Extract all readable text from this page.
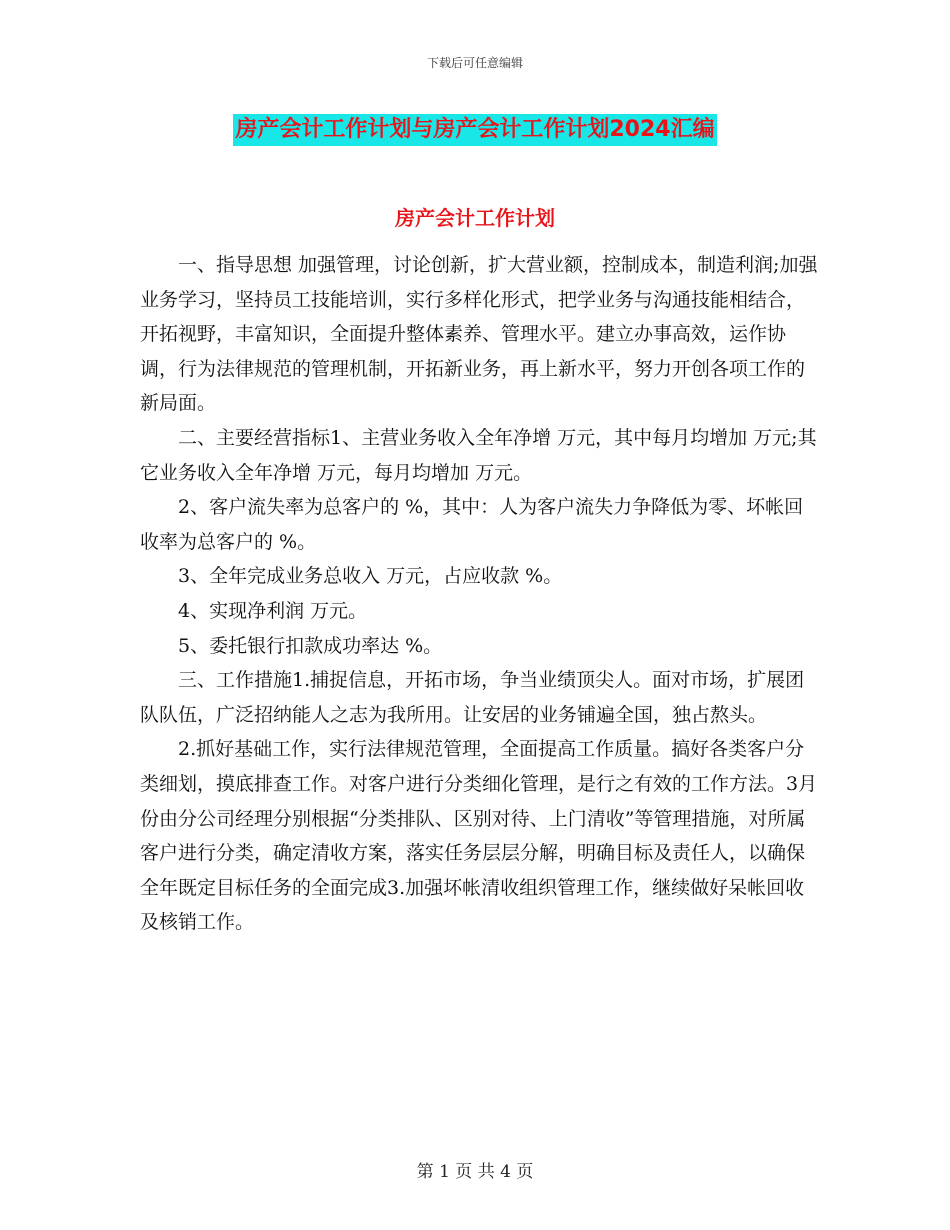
下载后可任意编辑
房产会计工作计划与房产会计工作计划2024汇编
房产会计工作计划

一、指导思想 加强管理，讨论创新，扩大营业额，控制成本，制造利润;加强业务学习，坚持员工技能培训，实行多样化形式，把学业务与沟通技能相结合，开拓视野，丰富知识，全面提升整体素养、管理水平。建立办事高效，运作协调，行为法律规范的管理机制，开拓新业务，再上新水平，努力开创各项工作的新局面。

二、主要经营指标1、主营业务收入全年净增 万元，其中每月均增加 万元;其它业务收入全年净增 万元，每月均增加 万元。

2、客户流失率为总客户的 %，其中：人为客户流失力争降低为零、坏帐回收率为总客户的 %。

3、全年完成业务总收入 万元，占应收款 %。

4、实现净利润 万元。

5、委托银行扣款成功率达 %。

三、工作措施1.捕捉信息，开拓市场，争当业绩顶尖人。面对市场，扩展团队队伍，广泛招纳能人之志为我所用。让安居的业务铺遍全国，独占熬头。

2.抓好基础工作，实行法律规范管理，全面提高工作质量。搞好各类客户分类细划，摸底排查工作。对客户进行分类细化管理，是行之有效的工作方法。3月份由分公司经理分别根据“分类排队、区别对待、上门清收”等管理措施，对所属客户进行分类，确定清收方案，落实任务层层分解，明确目标及责任人，以确保全年既定目标任务的全面完成3.加强坏帐清收组织管理工作，继续做好呆帐回收及核销工作。

第 1 页 共 4 页
